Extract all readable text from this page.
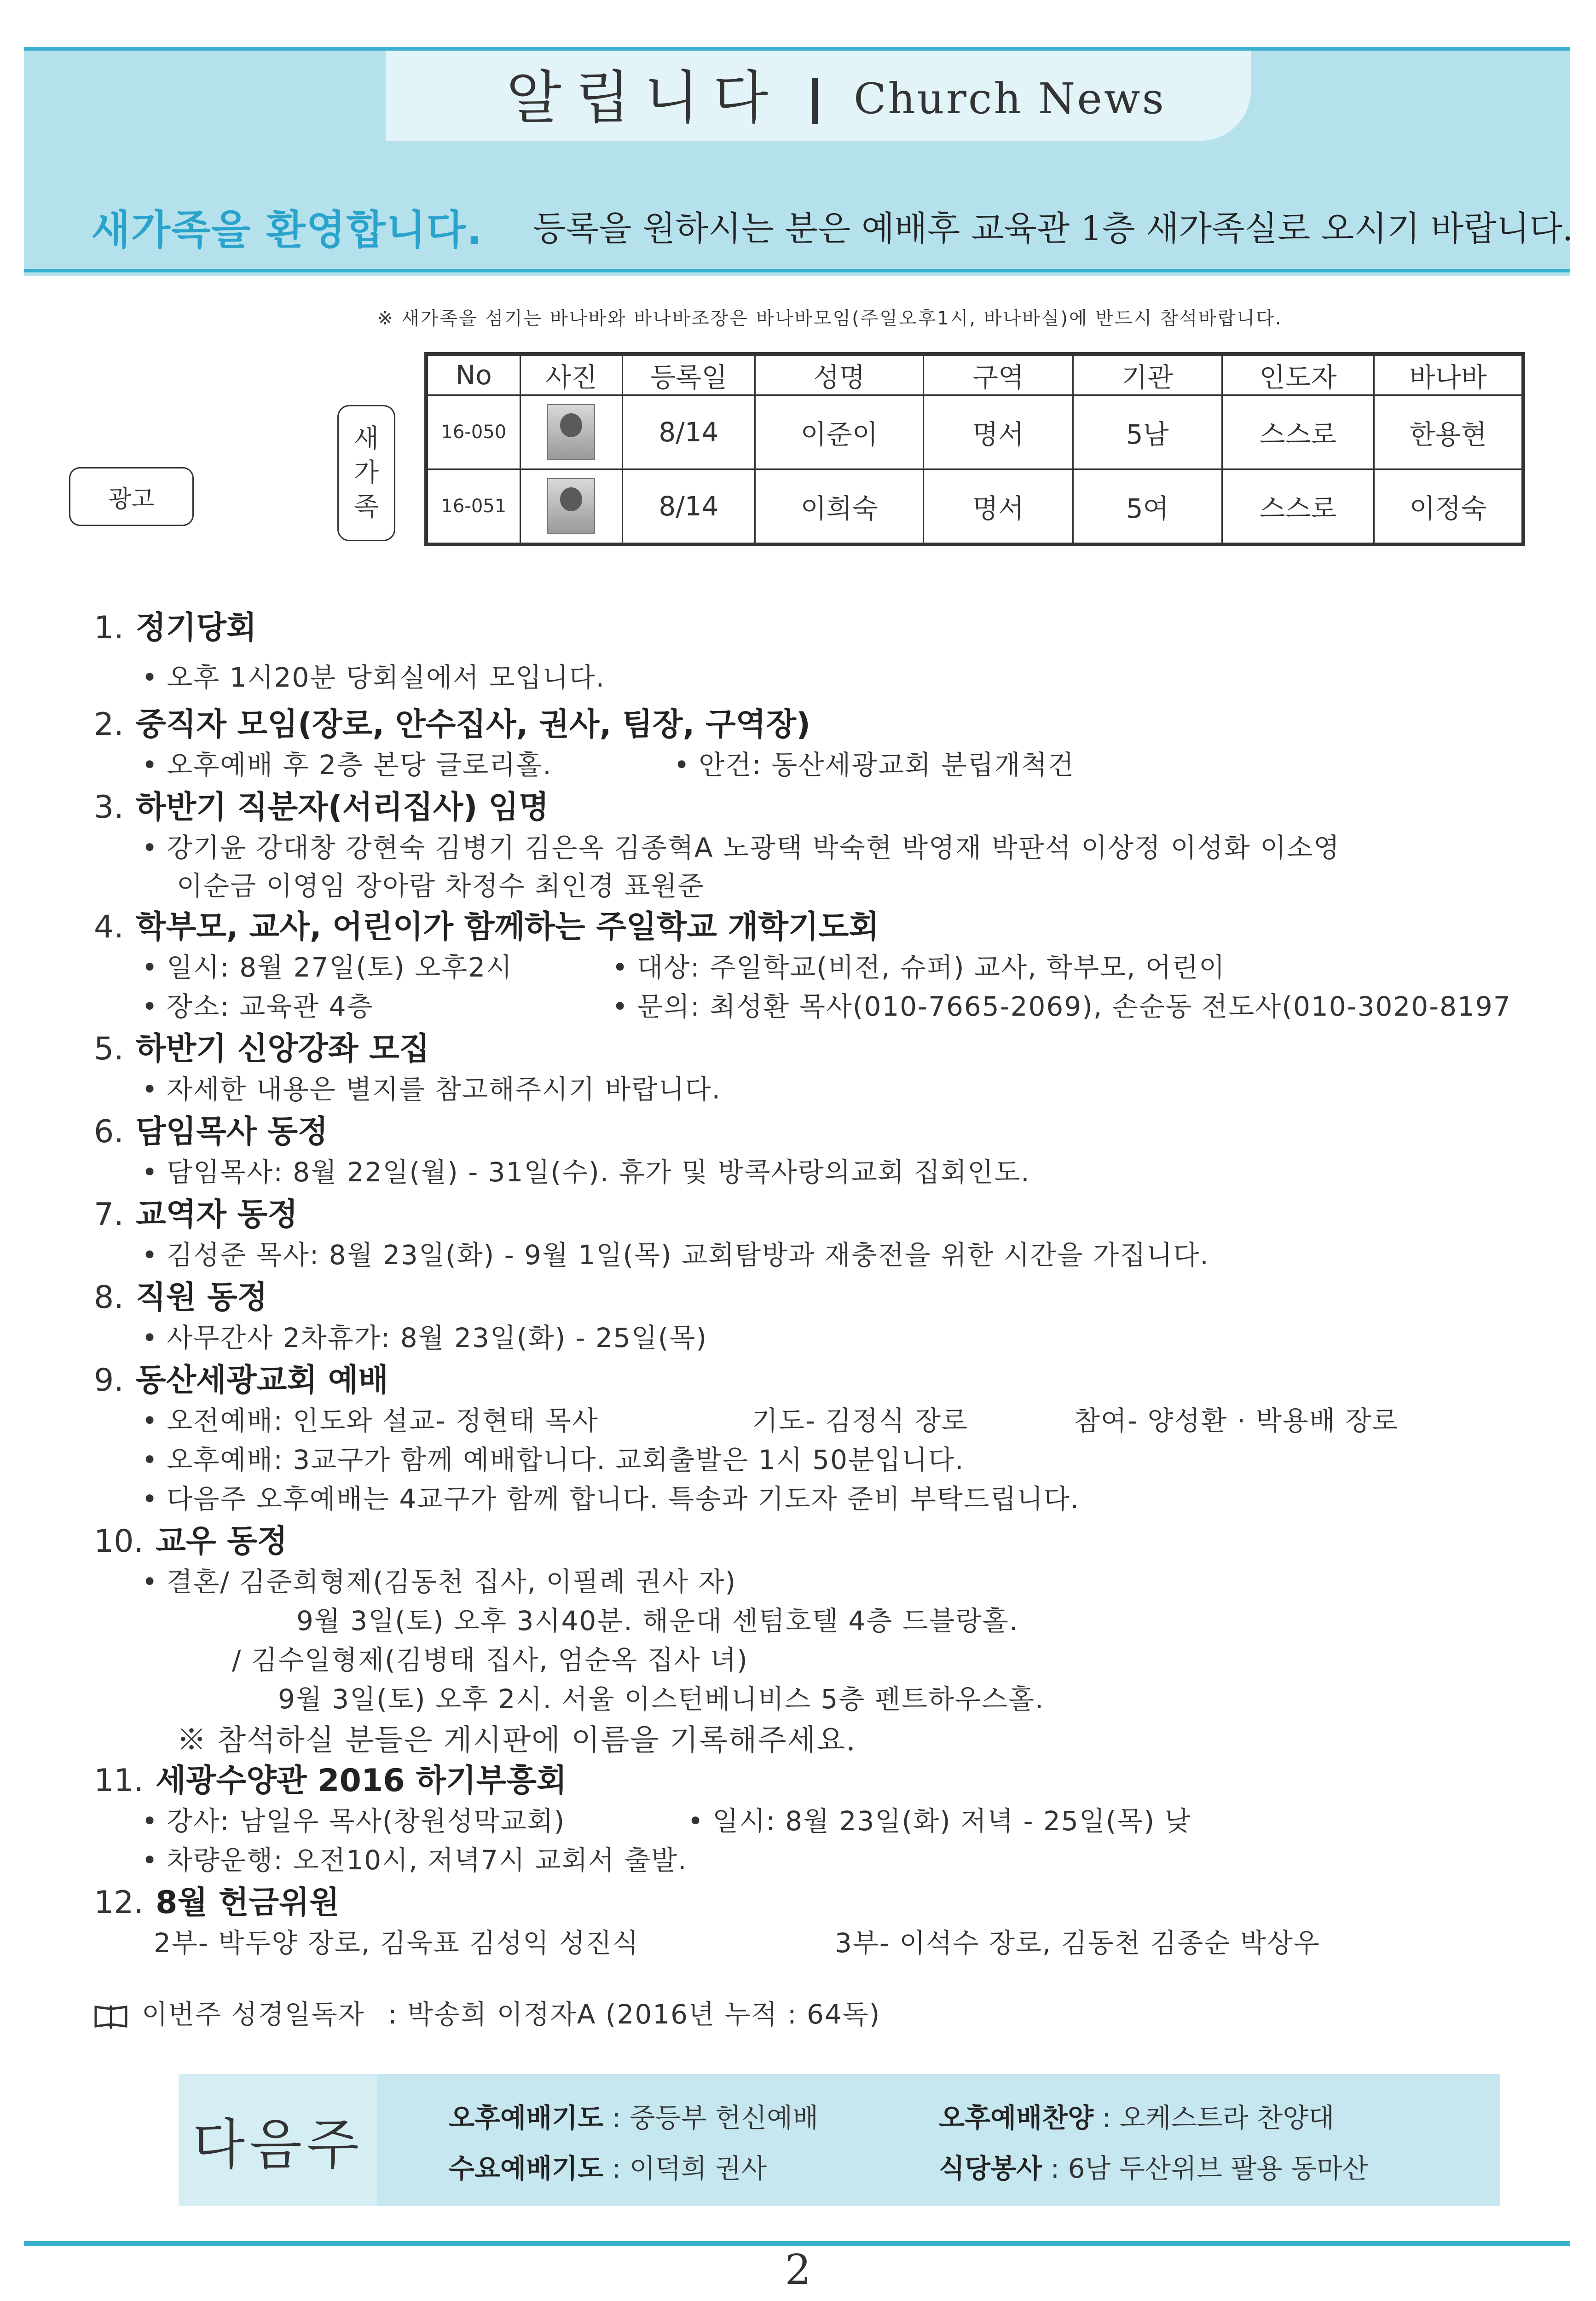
알립니다 Church News
새가족을 환영합니다. 등록을 원하시는 분은 예배후 교육관 1층 새가족실로 오시기 바랍니다.
※ 새가족을 섬기는 바나바와 바나바조장은 바나바모임(주일오후1시, 바나바실)에 반드시 참석바랍니다.
광고
새
가
족
No	사진	등록일	성명	구역	기관	인도자	바나바
16-050		8/14	이준이	명서	5남	스스로	한용현
16-051		8/14	이희숙	명서	5여	스스로	이정숙
1. 정기당회
• 오후 1시20분 당회실에서 모입니다.
2. 중직자 모임(장로, 안수집사, 권사, 팀장, 구역장)
• 오후예배 후 2층 본당 글로리홀.	• 안건: 동산세광교회 분립개척건
3. 하반기 직분자(서리집사) 임명
• 강기윤 강대창 강현숙 김병기 김은옥 김종혁A 노광택 박숙현 박영재 박판석 이상정 이성화 이소영
이순금 이영임 장아람 차정수 최인경 표원준
4. 학부모, 교사, 어린이가 함께하는 주일학교 개학기도회
• 일시: 8월 27일(토) 오후2시	• 대상: 주일학교(비전, 슈퍼) 교사, 학부모, 어린이
• 장소: 교육관 4층	• 문의: 최성환 목사(010-7665-2069), 손순동 전도사(010-3020-8197
5. 하반기 신앙강좌 모집
• 자세한 내용은 별지를 참고해주시기 바랍니다.
6. 담임목사 동정
• 담임목사: 8월 22일(월) - 31일(수). 휴가 및 방콕사랑의교회 집회인도.
7. 교역자 동정
• 김성준 목사: 8월 23일(화) - 9월 1일(목) 교회탐방과 재충전을 위한 시간을 가집니다.
8. 직원 동정
• 사무간사 2차휴가: 8월 23일(화) - 25일(목)
9. 동산세광교회 예배
• 오전예배: 인도와 설교- 정현태 목사	기도- 김정식 장로	참여- 양성환 · 박용배 장로
• 오후예배: 3교구가 함께 예배합니다. 교회출발은 1시 50분입니다.
• 다음주 오후예배는 4교구가 함께 합니다. 특송과 기도자 준비 부탁드립니다.
10. 교우 동정
• 결혼/ 김준희형제(김동천 집사, 이필례 권사 자)
9월 3일(토) 오후 3시40분. 해운대 센텀호텔 4층 드블랑홀.
/ 김수일형제(김병태 집사, 엄순옥 집사 녀)
9월 3일(토) 오후 2시. 서울 이스턴베니비스 5층 펜트하우스홀.
※ 참석하실 분들은 게시판에 이름을 기록해주세요.
11. 세광수양관 2016 하기부흥회
• 강사: 남일우 목사(창원성막교회)	• 일시: 8월 23일(화) 저녁 - 25일(목) 낮
• 차량운행: 오전10시, 저녁7시 교회서 출발.
12. 8월 헌금위원
2부- 박두양 장로, 김욱표 김성익 성진식	3부- 이석수 장로, 김동천 김종순 박상우
이번주 성경일독자 : 박송희 이정자A (2016년 누적 : 64독)
다음주	오후예배기도 : 중등부 헌신예배	오후예배찬양 : 오케스트라 찬양대
수요예배기도 : 이덕희 권사	식당봉사 : 6남 두산위브 팔용 동마산
2
